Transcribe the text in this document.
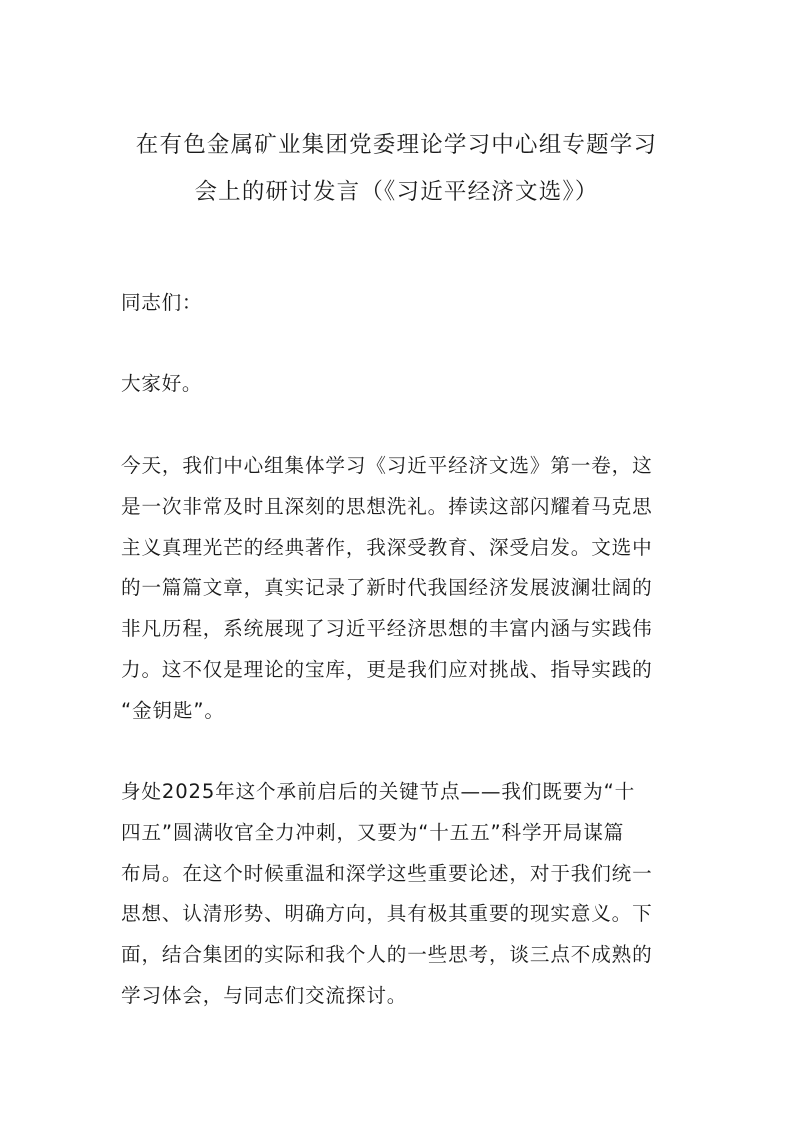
在有色金属矿业集团党委理论学习中心组专题学习
会上的研讨发言（《习近平经济文选》）
同志们：
大家好。
今天，我们中心组集体学习《习近平经济文选》第一卷，这
是一次非常及时且深刻的思想洗礼。捧读这部闪耀着马克思
主义真理光芒的经典著作，我深受教育、深受启发。文选中
的一篇篇文章，真实记录了新时代我国经济发展波澜壮阔的
非凡历程，系统展现了习近平经济思想的丰富内涵与实践伟
力。这不仅是理论的宝库，更是我们应对挑战、指导实践的
“金钥匙”。
身处2025年这个承前启后的关键节点——我们既要为“十
四五”圆满收官全力冲刺，又要为“十五五”科学开局谋篇
布局。在这个时候重温和深学这些重要论述，对于我们统一
思想、认清形势、明确方向，具有极其重要的现实意义。下
面，结合集团的实际和我个人的一些思考，谈三点不成熟的
学习体会，与同志们交流探讨。
